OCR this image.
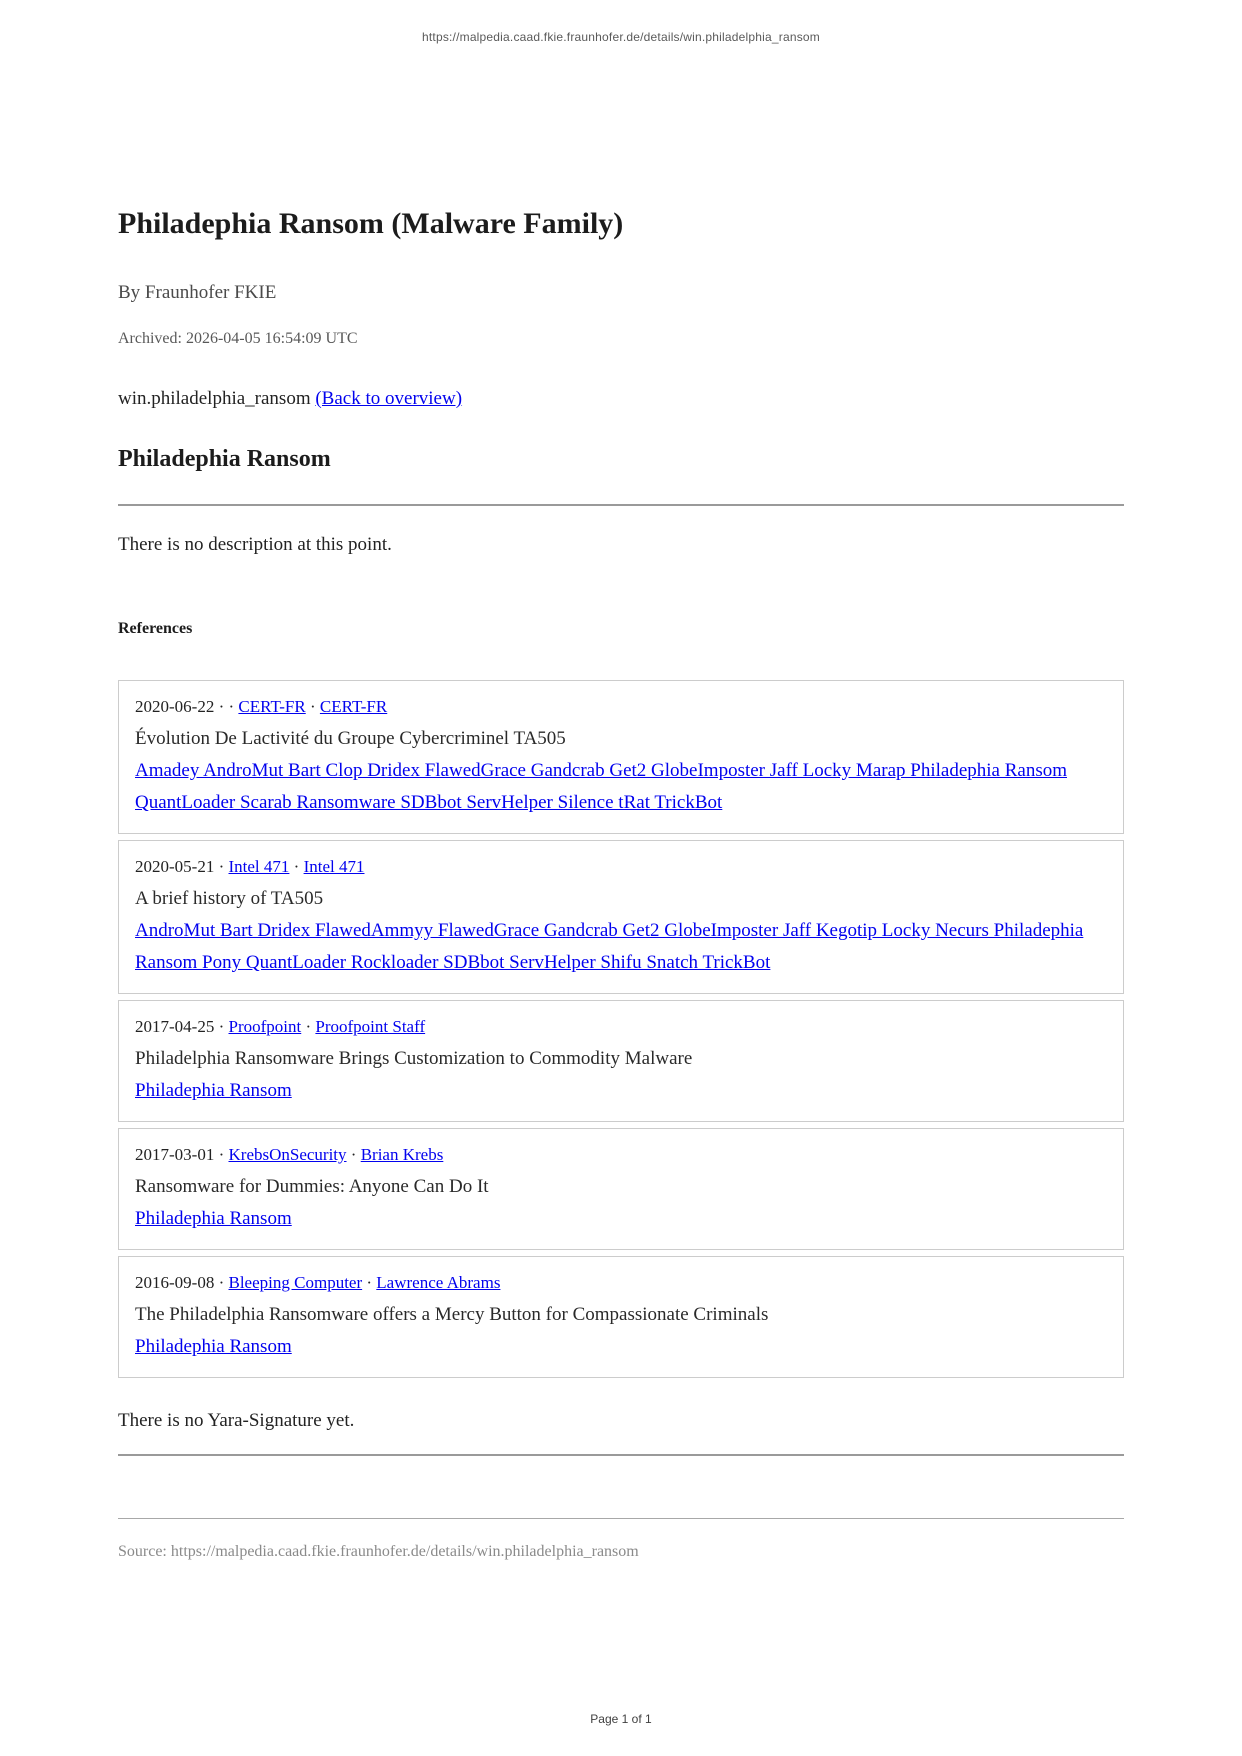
https://malpedia.caad.fkie.fraunhofer.de/details/win.philadelphia_ransom
Philadephia Ransom (Malware Family)

By Fraunhofer FKIE

Archived: 2026-04-05 16:54:09 UTC

win.philadelphia_ransom (Back to overview)

Philadephia Ransom

There is no description at this point.

References
2020-06-22 · · CERT-FR · CERT-FR
Évolution De Lactivité du Groupe Cybercriminel TA505
Amadey AndroMut Bart Clop Dridex FlawedGrace Gandcrab Get2 GlobeImposter Jaff Locky Marap Philadephia Ransom QuantLoader Scarab Ransomware SDBbot ServHelper Silence tRat TrickBot
2020-05-21 · Intel 471 · Intel 471
A brief history of TA505
AndroMut Bart Dridex FlawedAmmyy FlawedGrace Gandcrab Get2 GlobeImposter Jaff Kegotip Locky Necurs Philadephia Ransom Pony QuantLoader Rockloader SDBbot ServHelper Shifu Snatch TrickBot
2017-04-25 · Proofpoint · Proofpoint Staff
Philadelphia Ransomware Brings Customization to Commodity Malware
Philadephia Ransom
2017-03-01 · KrebsOnSecurity · Brian Krebs
Ransomware for Dummies: Anyone Can Do It
Philadephia Ransom
2016-09-08 · Bleeping Computer · Lawrence Abrams
The Philadelphia Ransomware offers a Mercy Button for Compassionate Criminals
Philadephia Ransom

There is no Yara-Signature yet.

Source: https://malpedia.caad.fkie.fraunhofer.de/details/win.philadelphia_ransom

Page 1 of 1
